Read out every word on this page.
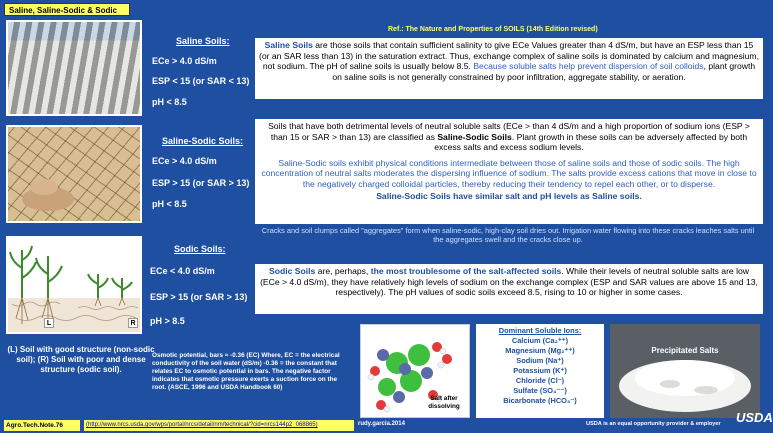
Saline, Saline-Sodic & Sodic
Ref.: The Nature and Properties of SOILS (14th Edition revised)
Saline Soils:
ECe > 4.0 dS/m
ESP < 15 (or SAR < 13)
pH < 8.5
Saline Soils are those soils that contain sufficient salinity to give ECe Values greater than 4 dS/m, but have an ESP less than 15 (or an SAR less than 13) in the saturation extract. Thus, exchange complex of saline soils is dominated by calcium and magnesium, not sodium. The pH of saline soils is usually below 8.5. Because soluble salts help prevent dispersion of soil colloids, plant growth on saline soils is not generally constrained by poor infiltration, aggregate stability, or aeration.
Saline-Sodic Soils:
ECe > 4.0 dS/m
ESP > 15 (or SAR > 13)
pH < 8.5
Soils that have both detrimental levels of neutral soluble salts (ECe > than 4 dS/m and a high proportion of sodium ions (ESP > than 15 or SAR > than 13) are classified as Saline-Sodic Soils. Plant growth in these soils can be adversely affected by both excess salts and excess sodium levels.
Saline-Sodic soils exhibit physical conditions intermediate between those of saline soils and those of sodic soils. The high concentration of neutral salts moderates the dispersing influence of sodium. The salts provide excess cations that move in close to the negatively charged colloidal particles, thereby reducing their tendency to repel each other, or to disperse.
Saline-Sodic Soils have similar salt and pH levels as Saline soils.
Cracks and soil clumps called "aggregates" form when saline-sodic, high-clay soil dries out. Irrigation water flowing into these cracks leaches salts until the aggregates swell and the cracks close up.
L	R
Sodic Soils:
ECe < 4.0 dS/m
ESP > 15 (or SAR > 13)
pH > 8.5
Sodic Soils are, perhaps, the most troublesome of the salt-affected soils. While their levels of neutral soluble salts are low (ECe > 4.0 dS/m), they have relatively high levels of sodium on the exchange complex (ESP and SAR values are above 15 and 13, respectively). The pH values of sodic soils exceed 8.5, rising to 10 or higher in some cases.
(L) Soil with good structure (non-sodic soil); (R) Soil with poor and dense structure (sodic soil).
Osmotic potential, bars ≈ -0.36 (EC) Where, EC = the electrical conductivity of the soil water (dS/m) -0.36 = the constant that relates EC to osmotic potential in bars. The negative factor indicates that osmotic pressure exerts a suction force on the root. (ASCE, 1996 and USDA Handbook 60)
Salt after dissolving
Dominant Soluble Ions:
Calcium (Ca₂⁺⁺)
Magnesium (Mg₂⁺⁺)
Sodium (Na⁺)
Potassium (K⁺)
Chloride (Cl⁻)
Sulfate (SO₄⁻⁻)
Bicarbonate (HCO₃⁻)
Precipitated Salts
Agro.Tech.Note.76	(http://www.nrcs.usda.gov/wps/portal/nrcs/detail/nm/technical/?cid=nrcs144p2_068865)	rudy.garcia.2014	USDA is an equal opportunity provider & employer USDA
